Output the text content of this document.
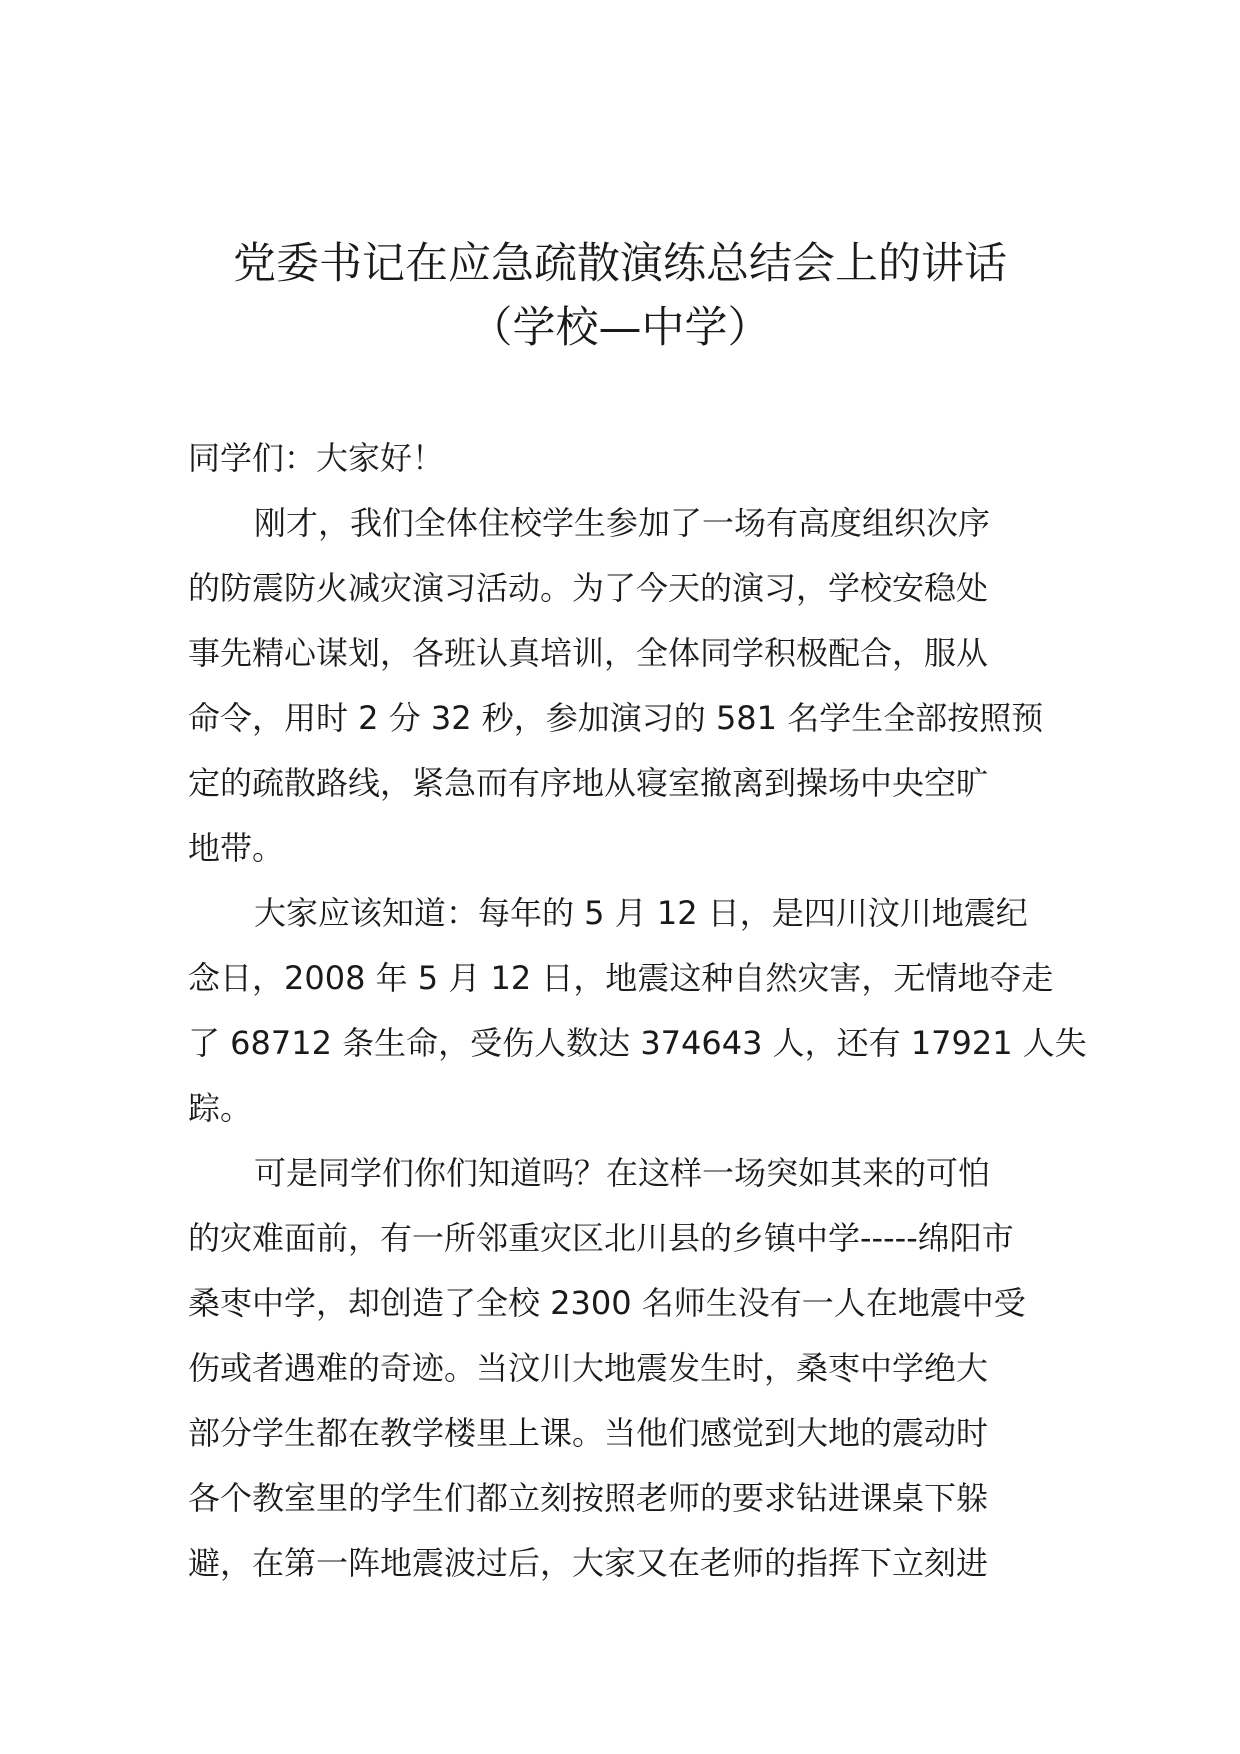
党委书记在应急疏散演练总结会上的讲话
（学校—中学）
同学们：大家好！
刚才，我们全体住校学生参加了一场有高度组织次序
的防震防火减灾演习活动。为了今天的演习，学校安稳处
事先精心谋划，各班认真培训，全体同学积极配合，服从
命令，用时 2 分 32 秒，参加演习的 581 名学生全部按照预
定的疏散路线，紧急而有序地从寝室撤离到操场中央空旷
地带。
大家应该知道：每年的 5 月 12 日，是四川汶川地震纪
念日，2008 年 5 月 12 日，地震这种自然灾害，无情地夺走
了 68712 条生命，受伤人数达 374643 人，还有 17921 人失
踪。
可是同学们你们知道吗？在这样一场突如其来的可怕
的灾难面前，有一所邻重灾区北川县的乡镇中学-----绵阳市
桑枣中学，却创造了全校 2300 名师生没有一人在地震中受
伤或者遇难的奇迹。当汶川大地震发生时，桑枣中学绝大
部分学生都在教学楼里上课。当他们感觉到大地的震动时
各个教室里的学生们都立刻按照老师的要求钻进课桌下躲
避，在第一阵地震波过后，大家又在老师的指挥下立刻进
